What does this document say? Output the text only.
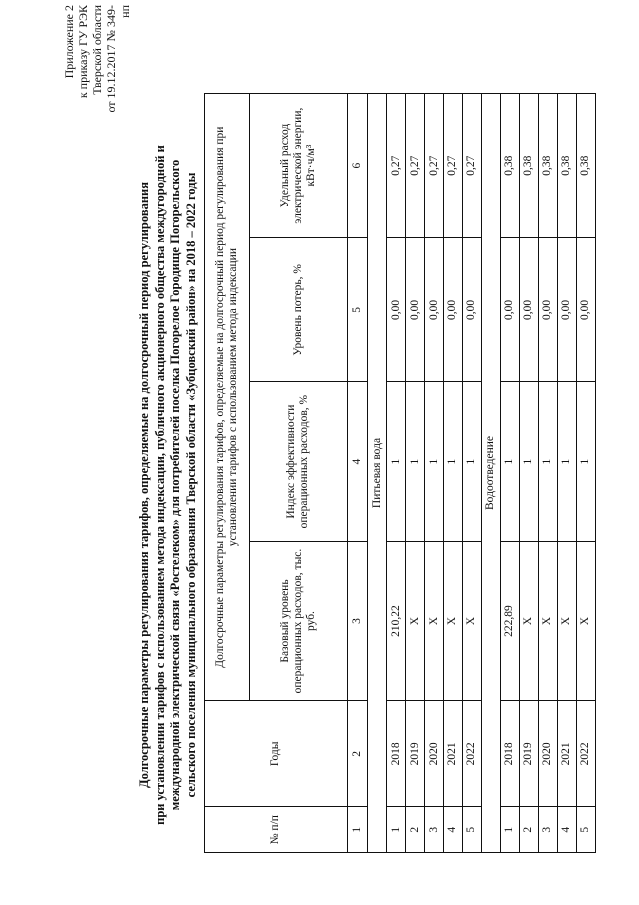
Приложение 2 к приказу ГУ РЭК Тверской области от 19.12.2017 № 349-нп
Долгосрочные параметры регулирования тарифов, определяемые на долгосрочный период регулирования при установлении тарифов с использованием метода индексации, публичного акционерного общества междугородной и международной электрической связи «Ростелеком» для потребителей поселка Погорелое Городище Погорельского сельского поселения муниципального образования Тверской области «Зубцовский район» на 2018 – 2022 годы
№ п/п	Годы	Долгосрочные параметры регулирования тарифов, определяемые на долгосрочный период регулирования при установлении тарифов с использованием метода индексации			
		Базовый уровень операционных расходов, тыс. руб.	Индекс эффективности операционных расходов, %	Уровень потерь, %	Удельный расход электрической энергии, кВт·ч/м³
1	2	3	4	5	6
Питьевая вода					
1	2018	210,22	1	0,00	0,27
2	2019	Х	1	0,00	0,27
3	2020	Х	1	0,00	0,27
4	2021	Х	1	0,00	0,27
5	2022	Х	1	0,00	0,27
Водоотведение					
1	2018	222,89	1	0,00	0,38
2	2019	Х	1	0,00	0,38
3	2020	Х	1	0,00	0,38
4	2021	Х	1	0,00	0,38
5	2022	Х	1	0,00	0,38
